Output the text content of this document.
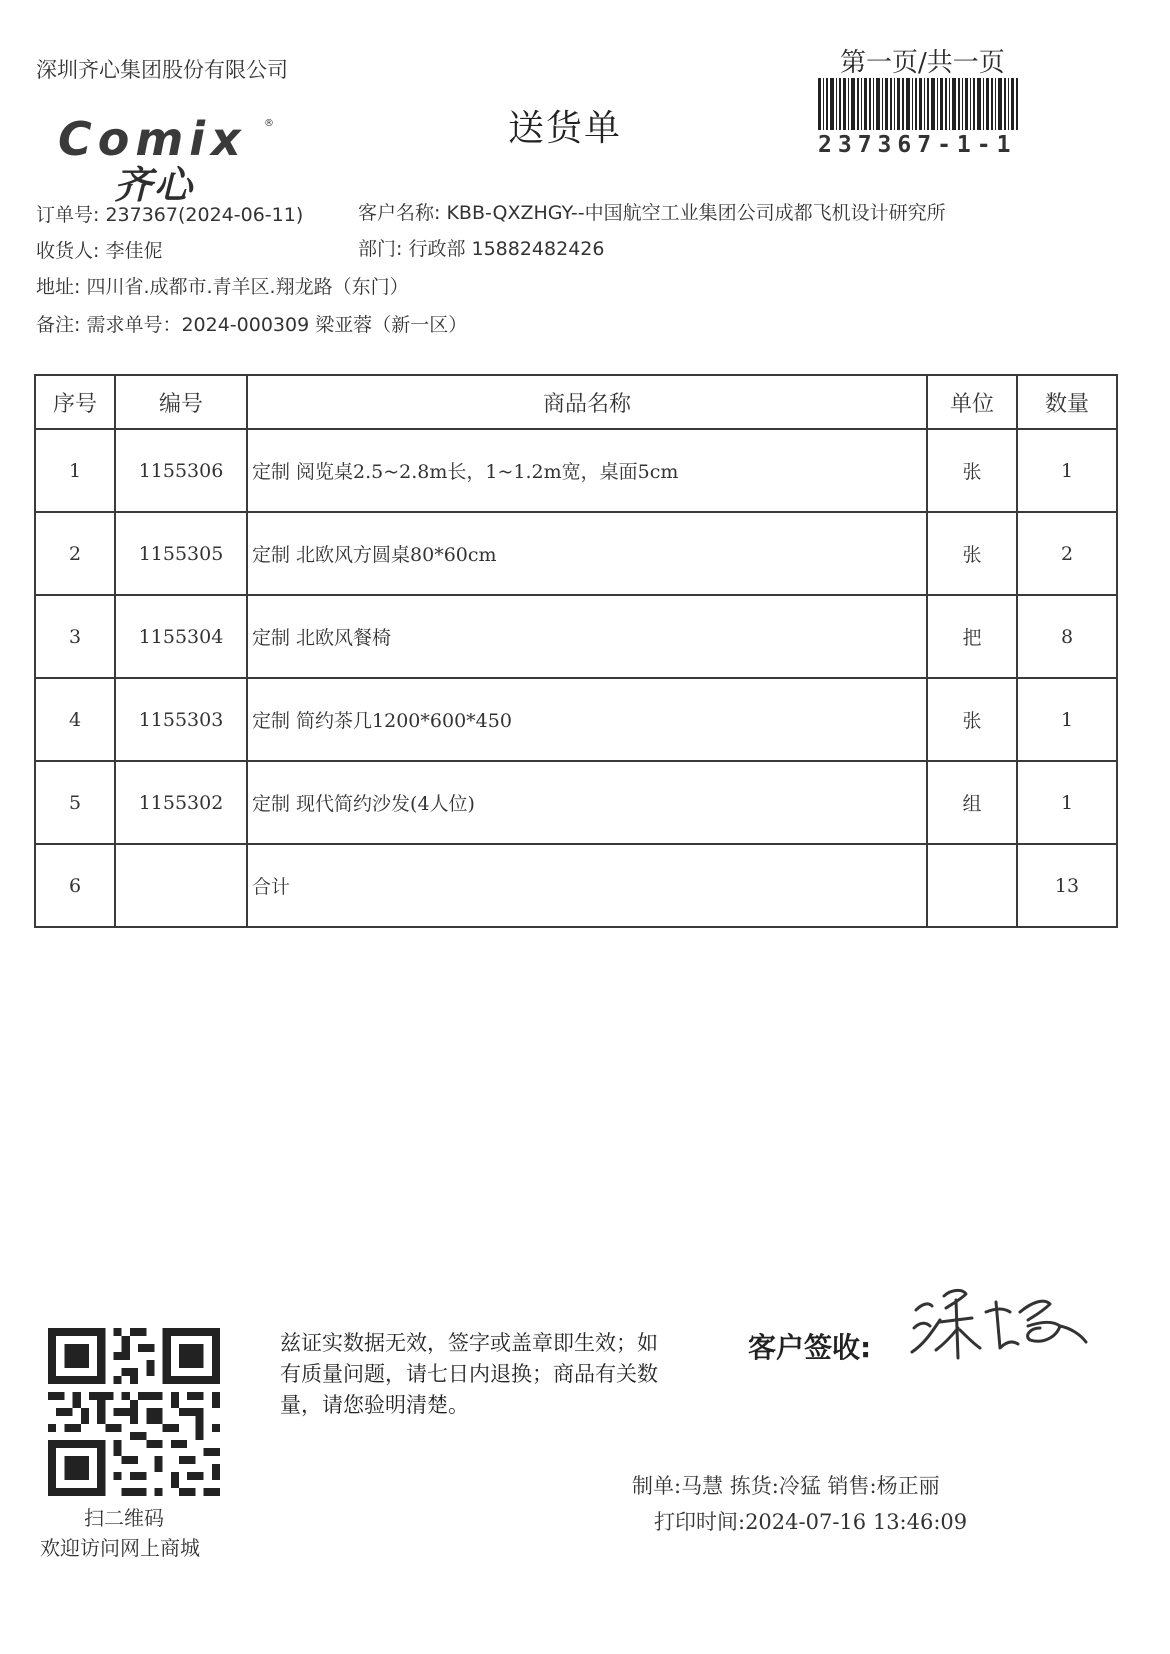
深圳齐心集团股份有限公司
Comix ®
齐心
送货单
第一页/共一页
237367-1-1
订单号: 237367(2024-06-11)	客户名称: KBB-QXZHGY--中国航空工业集团公司成都飞机设计研究所
收货人: 李佳伲	部门: 行政部 15882482426
地址: 四川省.成都市.青羊区.翔龙路（东门）
备注: 需求单号：2024-000309 梁亚蓉（新一区）
序号	编号	商品名称	单位	数量
1	1155306	定制 阅览桌2.5~2.8m长，1~1.2m宽，桌面5cm	张	1
2	1155305	定制 北欧风方圆桌80*60cm	张	2
3	1155304	定制 北欧风餐椅	把	8
4	1155303	定制 简约茶几1200*600*450	张	1
5	1155302	定制 现代简约沙发(4人位)	组	1
6		合计		13
扫二维码
欢迎访问网上商城
兹证实数据无效，签字或盖章即生效；如有质量问题，请七日内退换；商品有关数量，请您验明清楚。
客户签收:
制单:马慧 拣货:冷猛 销售:杨正丽
打印时间:2024-07-16 13:46:09
